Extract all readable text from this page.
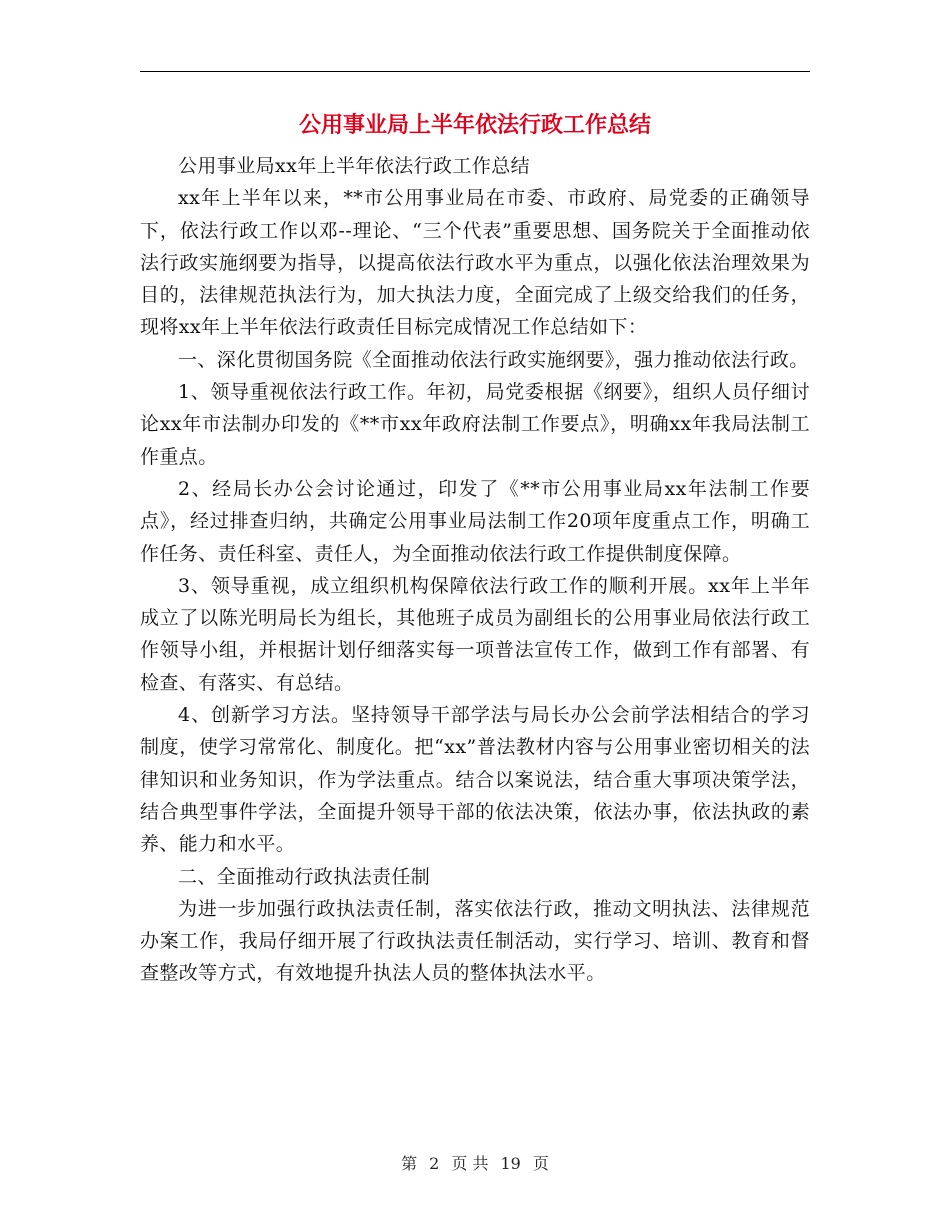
公用事业局上半年依法行政工作总结

公用事业局xx年上半年依法行政工作总结

xx年上半年以来，**市公用事业局在市委、市政府、局党委的正确领导下，依法行政工作以邓--理论、“三个代表”重要思想、国务院关于全面推动依法行政实施纲要为指导，以提高依法行政水平为重点，以强化依法治理效果为目的，法律规范执法行为，加大执法力度，全面完成了上级交给我们的任务，现将xx年上半年依法行政责任目标完成情况工作总结如下：

一、深化贯彻国务院《全面推动依法行政实施纲要》，强力推动依法行政。

1、领导重视依法行政工作。年初，局党委根据《纲要》，组织人员仔细讨论xx年市法制办印发的《**市xx年政府法制工作要点》，明确xx年我局法制工作重点。

2、经局长办公会讨论通过，印发了《**市公用事业局xx年法制工作要点》，经过排查归纳，共确定公用事业局法制工作20项年度重点工作，明确工作任务、责任科室、责任人，为全面推动依法行政工作提供制度保障。

3、领导重视，成立组织机构保障依法行政工作的顺利开展。xx年上半年成立了以陈光明局长为组长，其他班子成员为副组长的公用事业局依法行政工作领导小组，并根据计划仔细落实每一项普法宣传工作，做到工作有部署、有检查、有落实、有总结。

4、创新学习方法。坚持领导干部学法与局长办公会前学法相结合的学习制度，使学习常常化、制度化。把“xx”普法教材内容与公用事业密切相关的法律知识和业务知识，作为学法重点。结合以案说法，结合重大事项决策学法，结合典型事件学法，全面提升领导干部的依法决策，依法办事，依法执政的素养、能力和水平。

二、全面推动行政执法责任制

为进一步加强行政执法责任制，落实依法行政，推动文明执法、法律规范办案工作，我局仔细开展了行政执法责任制活动，实行学习、培训、教育和督查整改等方式，有效地提升执法人员的整体执法水平。

第 2 页 共 19 页
